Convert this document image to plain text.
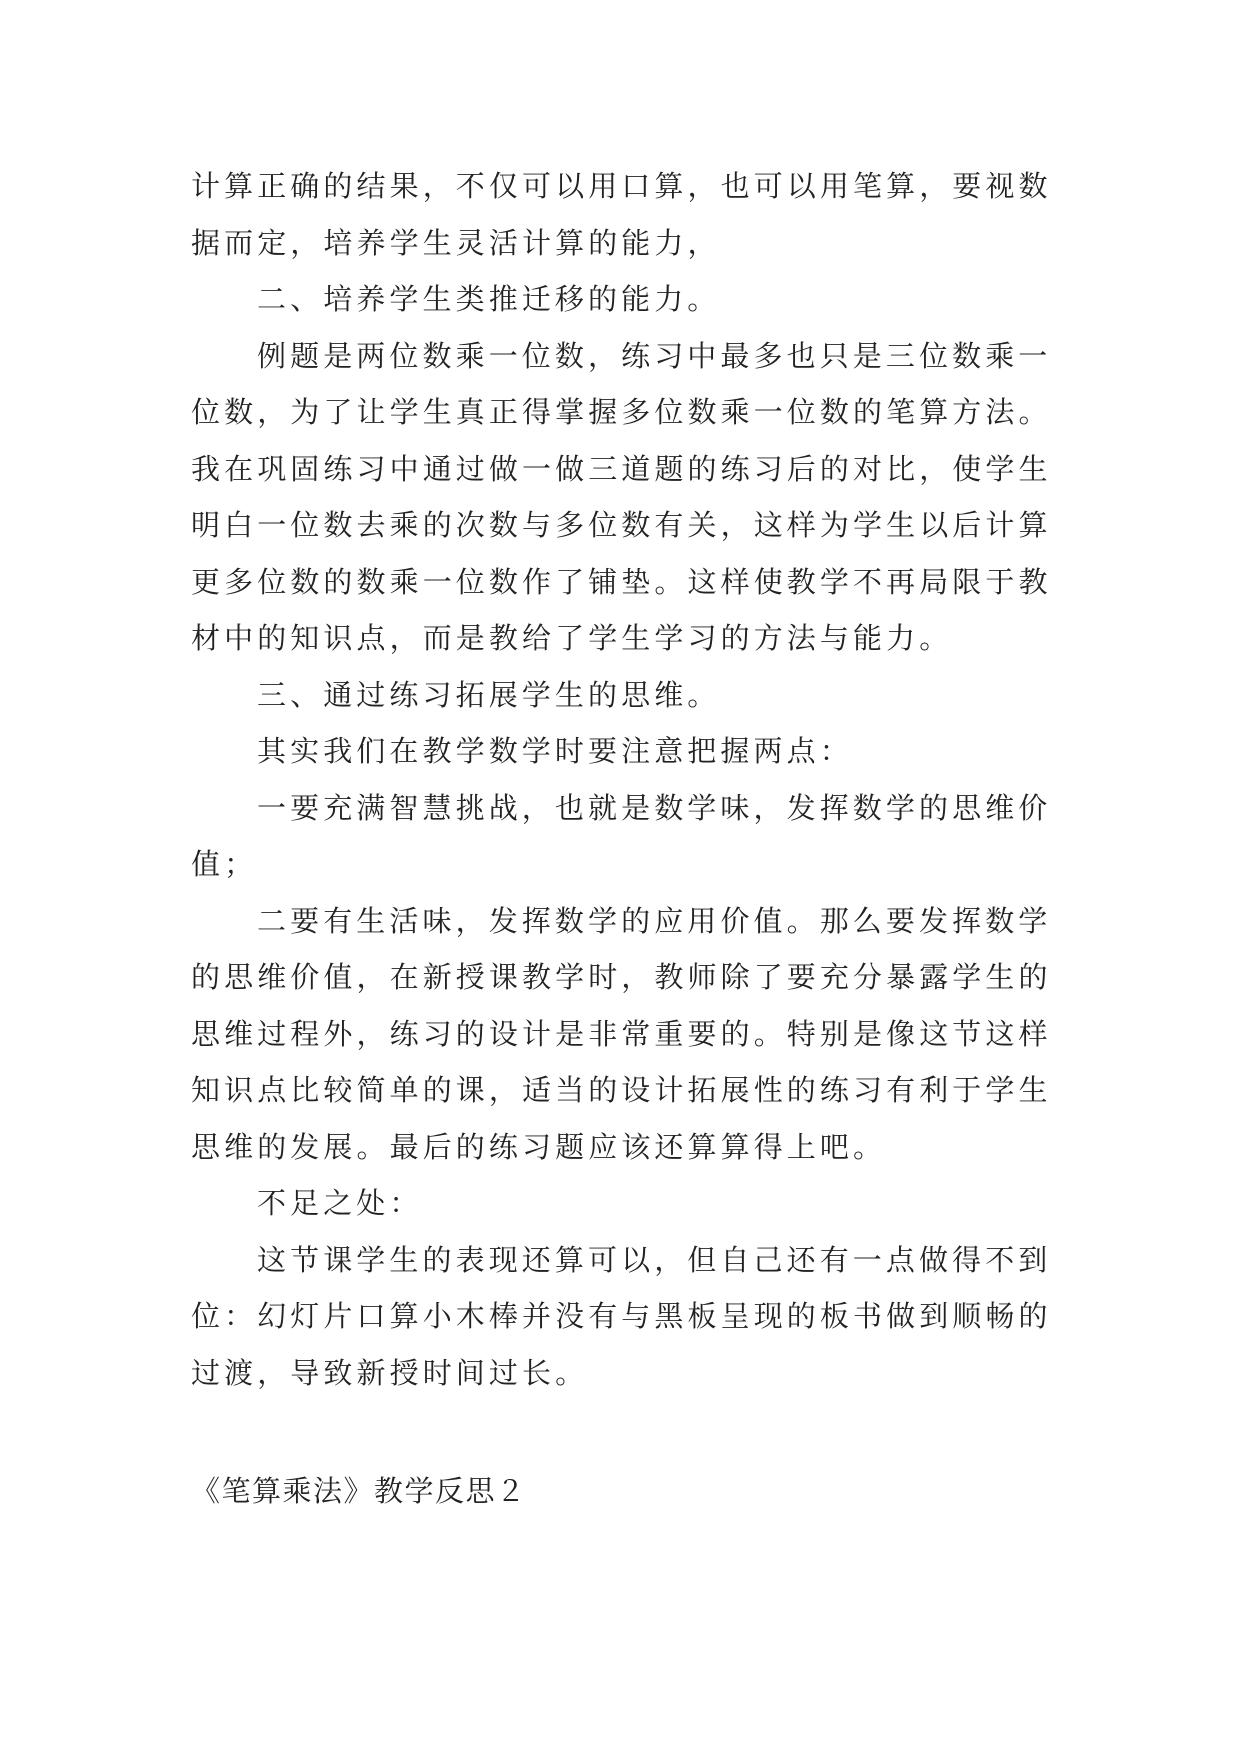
计算正确的结果，不仅可以用口算，也可以用笔算，要视数
据而定，培养学生灵活计算的能力，
二、培养学生类推迁移的能力。
例题是两位数乘一位数，练习中最多也只是三位数乘一
位数，为了让学生真正得掌握多位数乘一位数的笔算方法。
我在巩固练习中通过做一做三道题的练习后的对比，使学生
明白一位数去乘的次数与多位数有关，这样为学生以后计算
更多位数的数乘一位数作了铺垫。这样使教学不再局限于教
材中的知识点，而是教给了学生学习的方法与能力。
三、通过练习拓展学生的思维。
其实我们在教学数学时要注意把握两点：
一要充满智慧挑战，也就是数学味，发挥数学的思维价
值；
二要有生活味，发挥数学的应用价值。那么要发挥数学
的思维价值，在新授课教学时，教师除了要充分暴露学生的
思维过程外，练习的设计是非常重要的。特别是像这节这样
知识点比较简单的课，适当的设计拓展性的练习有利于学生
思维的发展。最后的练习题应该还算算得上吧。
不足之处：
这节课学生的表现还算可以，但自己还有一点做得不到
位：幻灯片口算小木棒并没有与黑板呈现的板书做到顺畅的
过渡，导致新授时间过长。
《笔算乘法》教学反思２
